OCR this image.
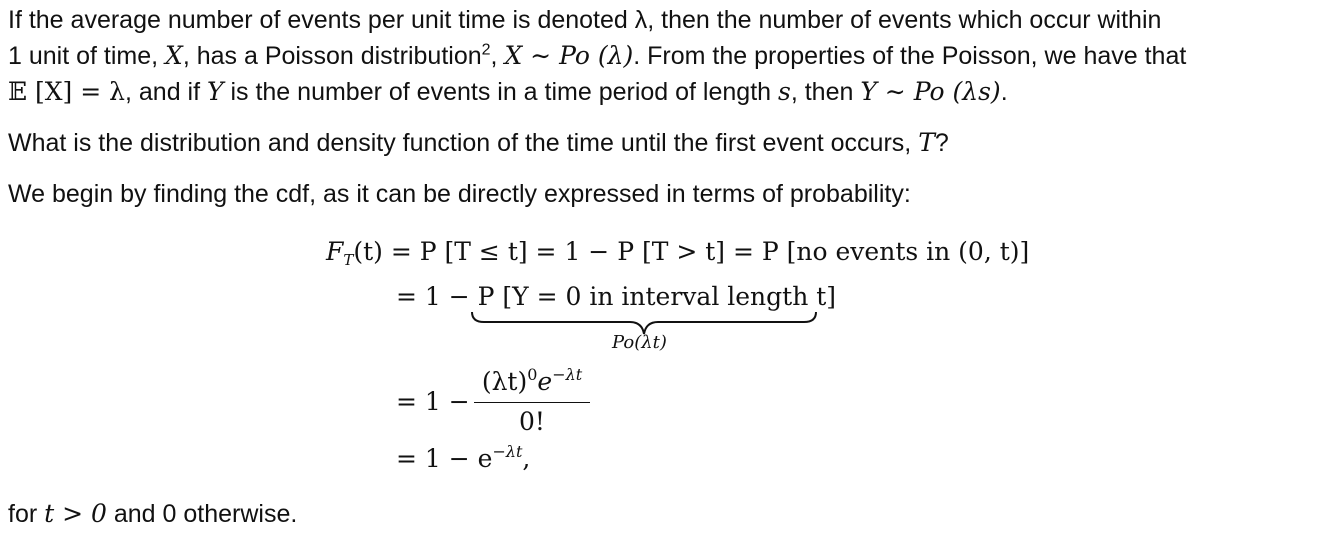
If the average number of events per unit time is denoted λ, then the number of events which occur within
1 unit of time, X, has a Poisson distribution$^2$, X ∼ Po (λ). From the properties of the Poisson, we have that
𝔼 [X] = λ, and if Y is the number of events in a time period of length s, then Y ∼ Po (λs).
What is the distribution and density function of the time until the first event occurs, T?
We begin by finding the cdf, as it can be directly expressed in terms of probability:
$F_T(t) = P$ [T ≤ t] = 1 − P [T > t] = P [no events in (0, t)]
= 1 − P [Y = 0 in interval length t]
Po(λt)
= 1 −
$(\lambda t)^0e^{-\lambda t}$
0!
= $1 - e^{-\lambda t}$,
for t > 0 and 0 otherwise.
